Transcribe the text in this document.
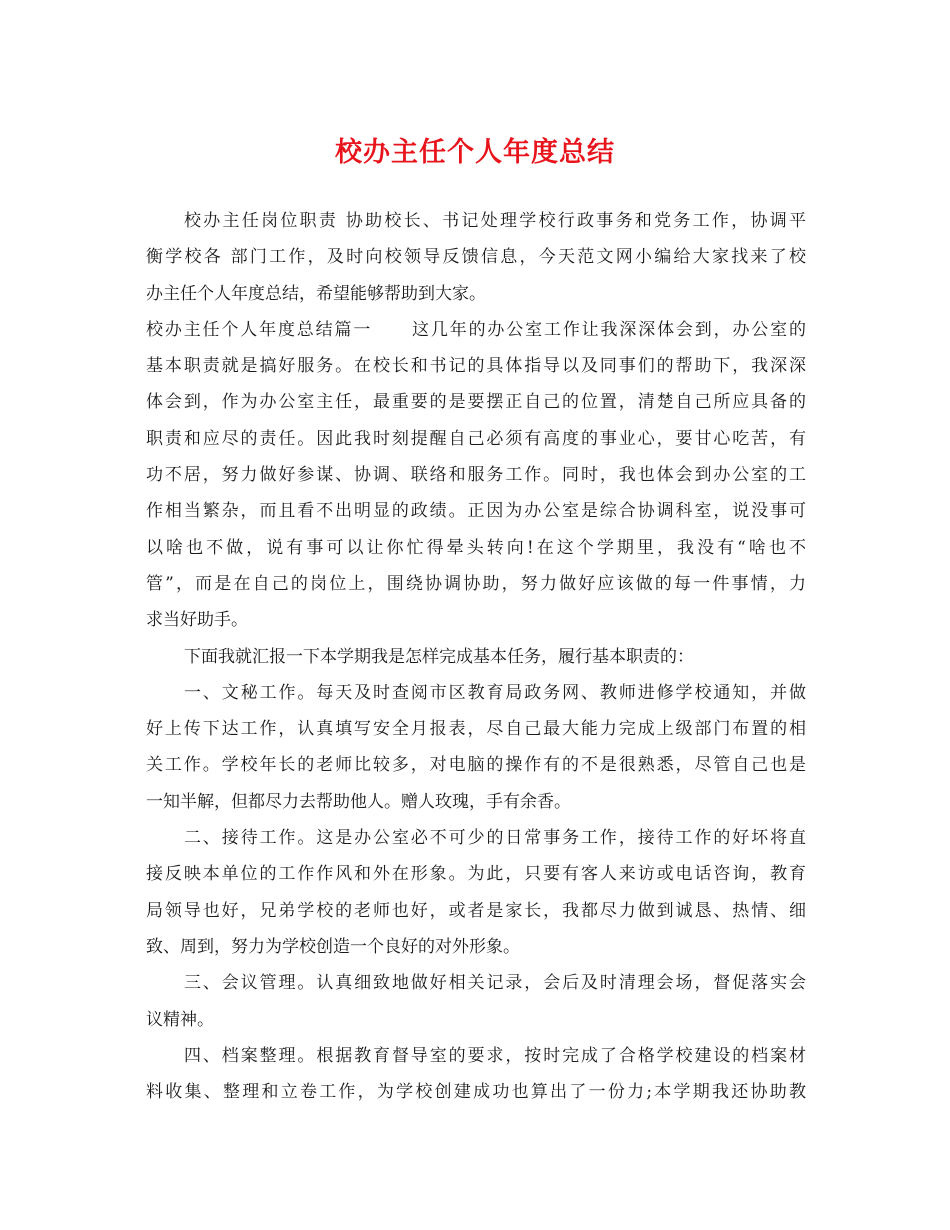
校办主任个人年度总结
校办主任岗位职责 协助校长、书记处理学校行政事务和党务工作，协调平
衡学校各 部门工作，及时向校领导反馈信息，今天范文网小编给大家找来了校
办主任个人年度总结，希望能够帮助到大家。
校办主任个人年度总结篇一 这几年的办公室工作让我深深体会到，办公室的
基本职责就是搞好服务。在校长和书记的具体指导以及同事们的帮助下，我深深
体会到，作为办公室主任，最重要的是要摆正自己的位置，清楚自己所应具备的
职责和应尽的责任。因此我时刻提醒自己必须有高度的事业心，要甘心吃苦，有
功不居，努力做好参谋、协调、联络和服务工作。同时，我也体会到办公室的工
作相当繁杂，而且看不出明显的政绩。正因为办公室是综合协调科室，说没事可
以啥也不做，说有事可以让你忙得晕头转向!在这个学期里，我没有“啥也不
管”，而是在自己的岗位上，围绕协调协助，努力做好应该做的每一件事情，力
求当好助手。
下面我就汇报一下本学期我是怎样完成基本任务，履行基本职责的：
一、文秘工作。每天及时查阅市区教育局政务网、教师进修学校通知，并做
好上传下达工作，认真填写安全月报表，尽自己最大能力完成上级部门布置的相
关工作。学校年长的老师比较多，对电脑的操作有的不是很熟悉，尽管自己也是
一知半解，但都尽力去帮助他人。赠人玫瑰，手有余香。
二、接待工作。这是办公室必不可少的日常事务工作，接待工作的好坏将直
接反映本单位的工作作风和外在形象。为此，只要有客人来访或电话咨询，教育
局领导也好，兄弟学校的老师也好，或者是家长，我都尽力做到诚恳、热情、细
致、周到，努力为学校创造一个良好的对外形象。
三、会议管理。认真细致地做好相关记录，会后及时清理会场，督促落实会
议精神。
四、档案整理。根据教育督导室的要求，按时完成了合格学校建设的档案材
料收集、整理和立卷工作，为学校创建成功也算出了一份力;本学期我还协助教
